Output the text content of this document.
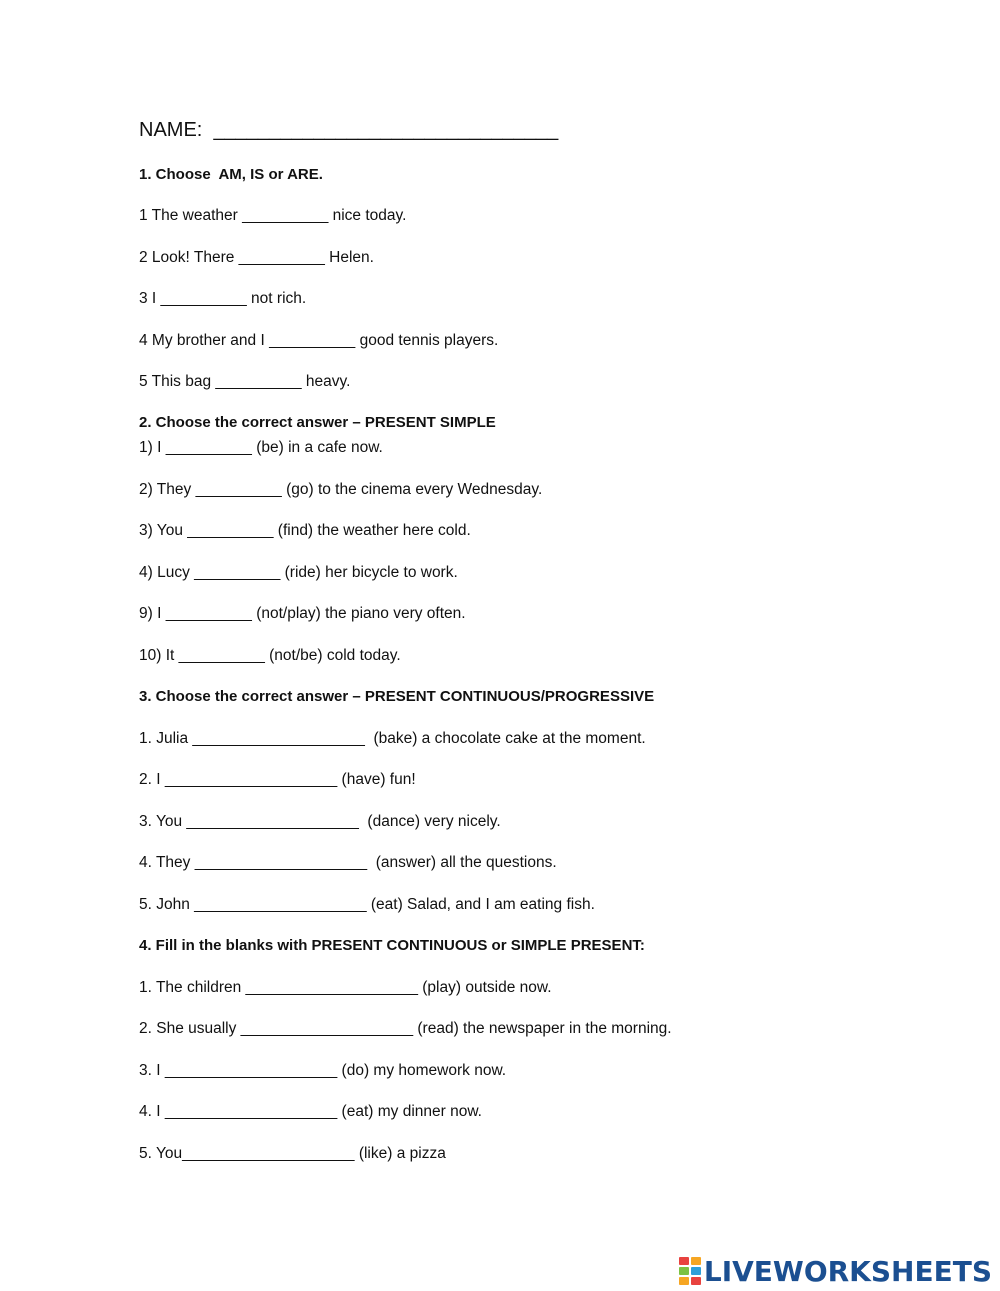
NAME:  _______________________________
1. Choose  AM, IS or ARE.
1 The weather __________ nice today.
2 Look! There __________ Helen.
3 I __________ not rich.
4 My brother and I __________ good tennis players.
5 This bag __________ heavy.
2. Choose the correct answer – PRESENT SIMPLE
1) I __________ (be) in a cafe now.
2) They __________ (go) to the cinema every Wednesday.
3) You __________ (find) the weather here cold.
4) Lucy __________ (ride) her bicycle to work.
9) I __________ (not/play) the piano very often.
10) It __________ (not/be) cold today.
3. Choose the correct answer – PRESENT CONTINUOUS/PROGRESSIVE
1. Julia ____________________  (bake) a chocolate cake at the moment.
2. I ____________________ (have) fun!
3. You ____________________  (dance) very nicely.
4. They ____________________  (answer) all the questions.
5. John ____________________ (eat) Salad, and I am eating fish.
4. Fill in the blanks with PRESENT CONTINUOUS or SIMPLE PRESENT:
1. The children ____________________ (play) outside now.
2. She usually ____________________ (read) the newspaper in the morning.
3. I ____________________ (do) my homework now.
4. I ____________________ (eat) my dinner now.
5. You____________________ (like) a pizza
LIVEWORKSHEETS
